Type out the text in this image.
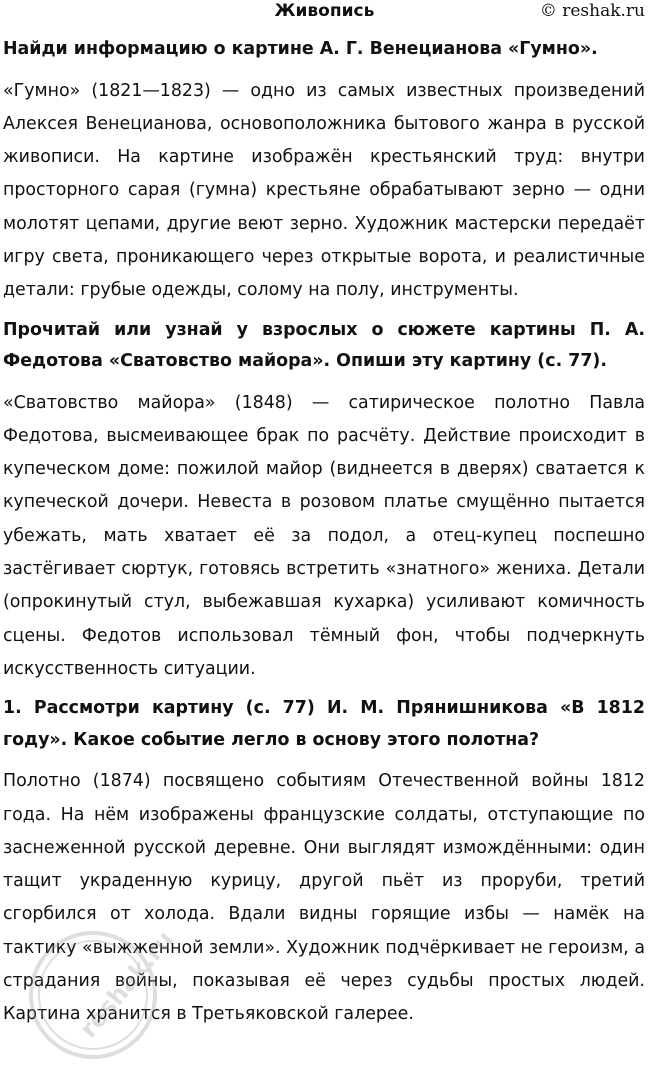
Живопись	© reshak.ru

Найди информацию о картине А. Г. Венецианова «Гумно».

«Гумно» (1821—1823) — одно из самых известных произведений Алексея Венецианова, основоположника бытового жанра в русской живописи. На картине изображён крестьянский труд: внутри просторного сарая (гумна) крестьяне обрабатывают зерно — одни молотят цепами, другие веют зерно. Художник мастерски передаёт игру света, проникающего через открытые ворота, и реалистичные детали: грубые одежды, солому на полу, инструменты.

Прочитай или узнай у взрослых о сюжете картины П. А. Федотова «Сватовство майора». Опиши эту картину (с. 77).

«Сватовство майора» (1848) — сатирическое полотно Павла Федотова, высмеивающее брак по расчёту. Действие происходит в купеческом доме: пожилой майор (виднеется в дверях) сватается к купеческой дочери. Невеста в розовом платье смущённо пытается убежать, мать хватает её за подол, а отец-купец поспешно застёгивает сюртук, готовясь встретить «знатного» жениха. Детали (опрокинутый стул, выбежавшая кухарка) усиливают комичность сцены. Федотов использовал тёмный фон, чтобы подчеркнуть искусственность ситуации.

1. Рассмотри картину (с. 77) И. М. Прянишникова «В 1812 году». Какое событие легло в основу этого полотна?

Полотно (1874) посвящено событиям Отечественной войны 1812 года. На нём изображены французские солдаты, отступающие по заснеженной русской деревне. Они выглядят измождёнными: один тащит украденную курицу, другой пьёт из проруби, третий сгорбился от холода. Вдали видны горящие избы — намёк на тактику «выжженной земли». Художник подчёркивает не героизм, а страдания войны, показывая её через судьбы простых людей. Картина хранится в Третьяковской галерее.

reshak.ru
